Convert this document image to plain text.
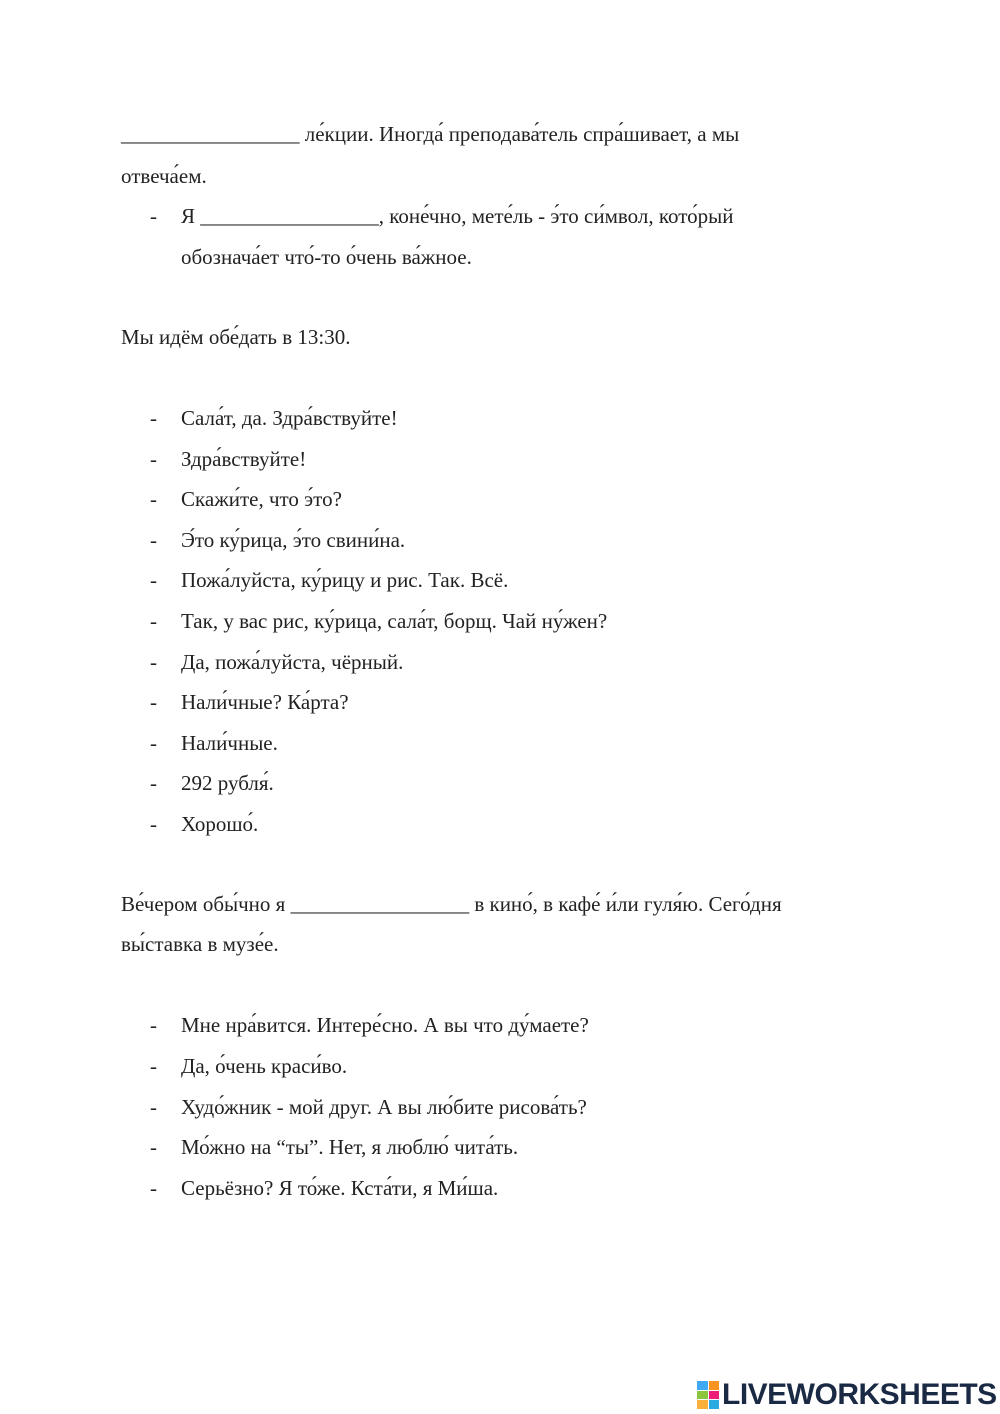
_________________ ле́кции. Иногда́ преподава́тель спра́шивает, а мы
отвеча́ем.
- Я _________________, коне́чно, мете́ль - э́то си́мвол, кото́рый
обознача́ет что́-то о́чень ва́жное.
Мы идём обе́дать в 13:30.
- Сала́т, да. Здра́вствуйте!
- Здра́вствуйте!
- Скажи́те, что э́то?
- Э́то ку́рица, э́то свини́на.
- Пожа́луйста, ку́рицу и рис. Так. Всё.
- Так, у вас рис, ку́рица, сала́т, борщ. Чай ну́жен?
- Да, пожа́луйста, чёрный.
- Нали́чные? Ка́рта?
- Нали́чные.
- 292 рубля́.
- Хорошо́.
Ве́чером обы́чно я _________________ в кино́, в кафе́ и́ли гуля́ю. Сего́дня
вы́ставка в музе́е.
- Мне нра́вится. Интере́сно. А вы что ду́маете?
- Да, о́чень краси́во.
- Худо́жник - мой друг. А вы лю́бите рисова́ть?
- Мо́жно на “ты”. Нет, я люблю́ чита́ть.
- Серьёзно? Я то́же. Кста́ти, я Ми́ша.
LIVEWORKSHEETS
